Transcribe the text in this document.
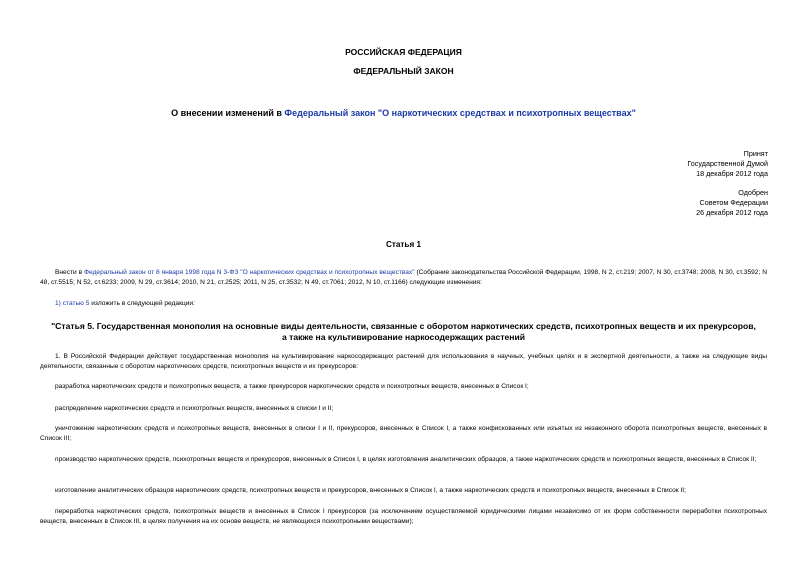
РОССИЙСКАЯ ФЕДЕРАЦИЯ
ФЕДЕРАЛЬНЫЙ ЗАКОН
О внесении изменений в Федеральный закон "О наркотических средствах и психотропных веществах"
Принят
Государственной Думой
18 декабря 2012 года
Одобрен
Советом Федерации
26 декабря 2012 года
Статья 1
Внести в Федеральный закон от 8 января 1998 года N 3-ФЗ "О наркотических средствах и психотропных веществах" (Собрание законодательства Российской Федерации, 1998, N 2, ст.219; 2007, N 30, ст.3748; 2008, N 30, ст.3592; N 48, ст.5515; N 52, ст.6233; 2009, N 29, ст.3614; 2010, N 21, ст.2525; 2011, N 25, ст.3532; N 49, ст.7061; 2012, N 10, ст.1166) следующие изменения:
1) статью 5 изложить в следующей редакции:
"Статья 5. Государственная монополия на основные виды деятельности, связанные с оборотом наркотических средств, психотропных веществ и их прекурсоров,
а также на культивирование наркосодержащих растений
1. В Российской Федерации действует государственная монополия на культивирование наркосодержащих растений для использования в научных, учебных целях и в экспертной деятельности, а также на следующие виды деятельности, связанные с оборотом наркотических средств, психотропных веществ и их прекурсоров:
разработка наркотических средств и психотропных веществ, а также прекурсоров наркотических средств и психотропных веществ, внесенных в Список I;
распределение наркотических средств и психотропных веществ, внесенных в списки I и II;
уничтожение наркотических средств и психотропных веществ, внесенных в списки I и II, прекурсоров, внесенных в Список I, а также конфискованных или изъятых из незаконного оборота психотропных веществ, внесенных в Список III;
производство наркотических средств, психотропных веществ и прекурсоров, внесенных в Список I, в целях изготовления аналитических образцов, а также наркотических средств и психотропных веществ, внесенных в Список II;
изготовление аналитических образцов наркотических средств, психотропных веществ и прекурсоров, внесенных в Список I, а также наркотических средств и психотропных веществ, внесенных в Список II;
переработка наркотических средств, психотропных веществ и внесенных в Список I прекурсоров (за исключением осуществляемой юридическими лицами независимо от их форм собственности переработки психотропных веществ, внесенных в Список III, в целях получения на их основе веществ, не являющихся психотропными веществами);
